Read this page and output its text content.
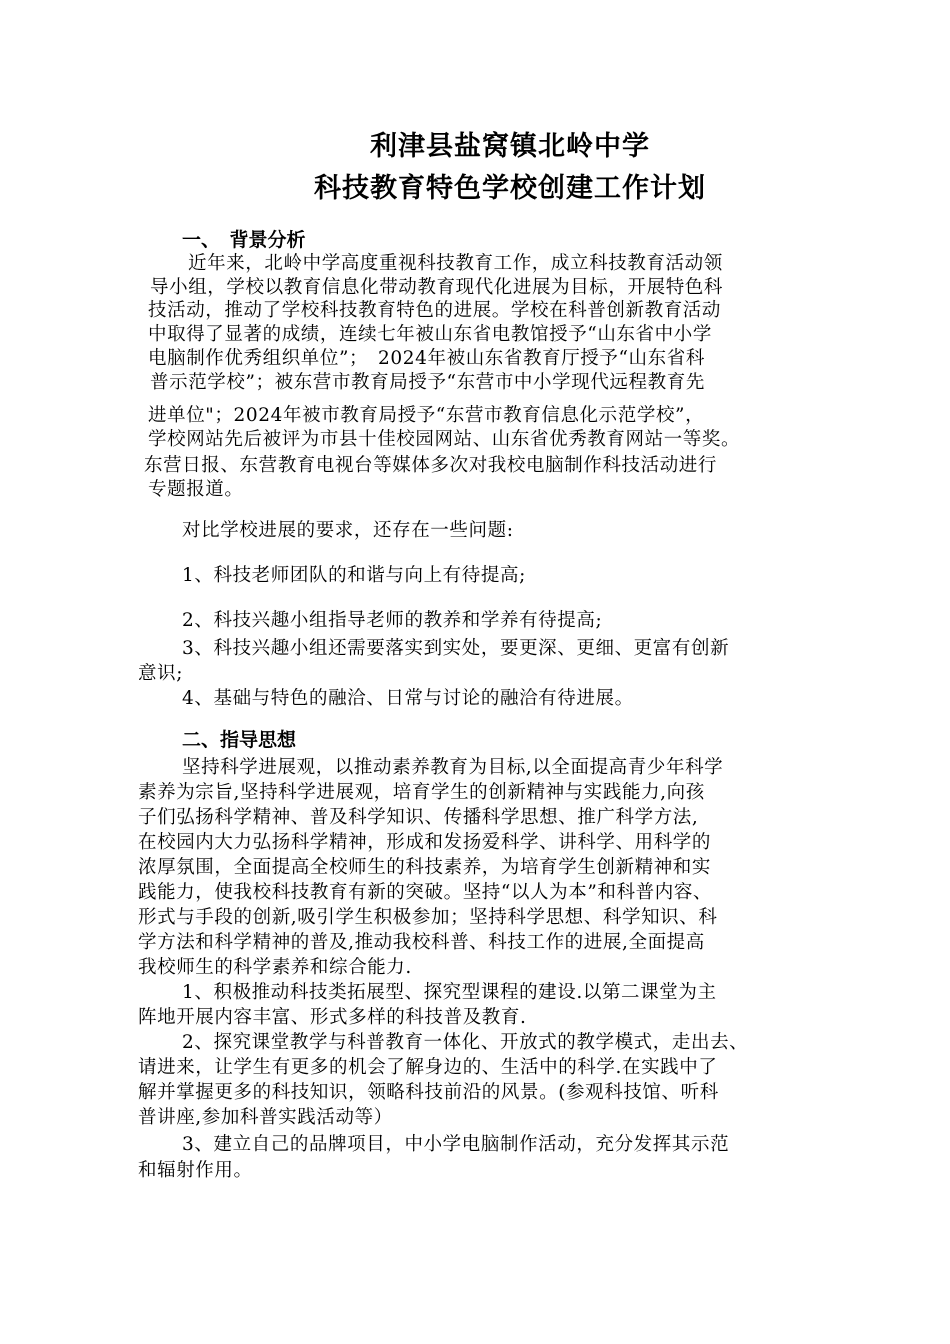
利津县盐窝镇北岭中学
科技教育特色学校创建工作计划
一、　背景分析
近年来，北岭中学高度重视科技教育工作，成立科技教育活动领
导小组，学校以教育信息化带动教育现代化进展为目标，开展特色科
技活动，推动了学校科技教育特色的进展。学校在科普创新教育活动
中取得了显著的成绩，连续七年被山东省电教馆授予“山东省中小学
电脑制作优秀组织单位”；　2024年被山东省教育厅授予“山东省科
普示范学校”；被东营市教育局授予“东营市中小学现代远程教育先
进单位"；2024年被市教育局授予“东营市教育信息化示范学校”，
学校网站先后被评为市县十佳校园网站、山东省优秀教育网站一等奖。
东营日报、东营教育电视台等媒体多次对我校电脑制作科技活动进行
专题报道。
对比学校进展的要求，还存在一些问题:
1、科技老师团队的和谐与向上有待提高;
2、科技兴趣小组指导老师的教养和学养有待提高;
3、科技兴趣小组还需要落实到实处，要更深、更细、更富有创新
意识;
4、基础与特色的融洽、日常与讨论的融洽有待进展。
二、指导思想
坚持科学进展观，以推动素养教育为目标,以全面提高青少年科学
素养为宗旨,坚持科学进展观，培育学生的创新精神与实践能力,向孩
子们弘扬科学精神、普及科学知识、传播科学思想、推广科学方法,
在校园内大力弘扬科学精神，形成和发扬爱科学、讲科学、用科学的
浓厚氛围，全面提高全校师生的科技素养，为培育学生创新精神和实
践能力，使我校科技教育有新的突破。坚持“以人为本”和科普内容、
形式与手段的创新,吸引学生积极参加；坚持科学思想、科学知识、科
学方法和科学精神的普及,推动我校科普、科技工作的进展,全面提高
我校师生的科学素养和综合能力.
1、积极推动科技类拓展型、探究型课程的建设.以第二课堂为主
阵地开展内容丰富、形式多样的科技普及教育.
2、探究课堂教学与科普教育一体化、开放式的教学模式，走出去、
请进来，让学生有更多的机会了解身边的、生活中的科学.在实践中了
解并掌握更多的科技知识，领略科技前沿的风景。(参观科技馆、听科
普讲座,参加科普实践活动等）
3、建立自己的品牌项目，中小学电脑制作活动，充分发挥其示范
和辐射作用。
